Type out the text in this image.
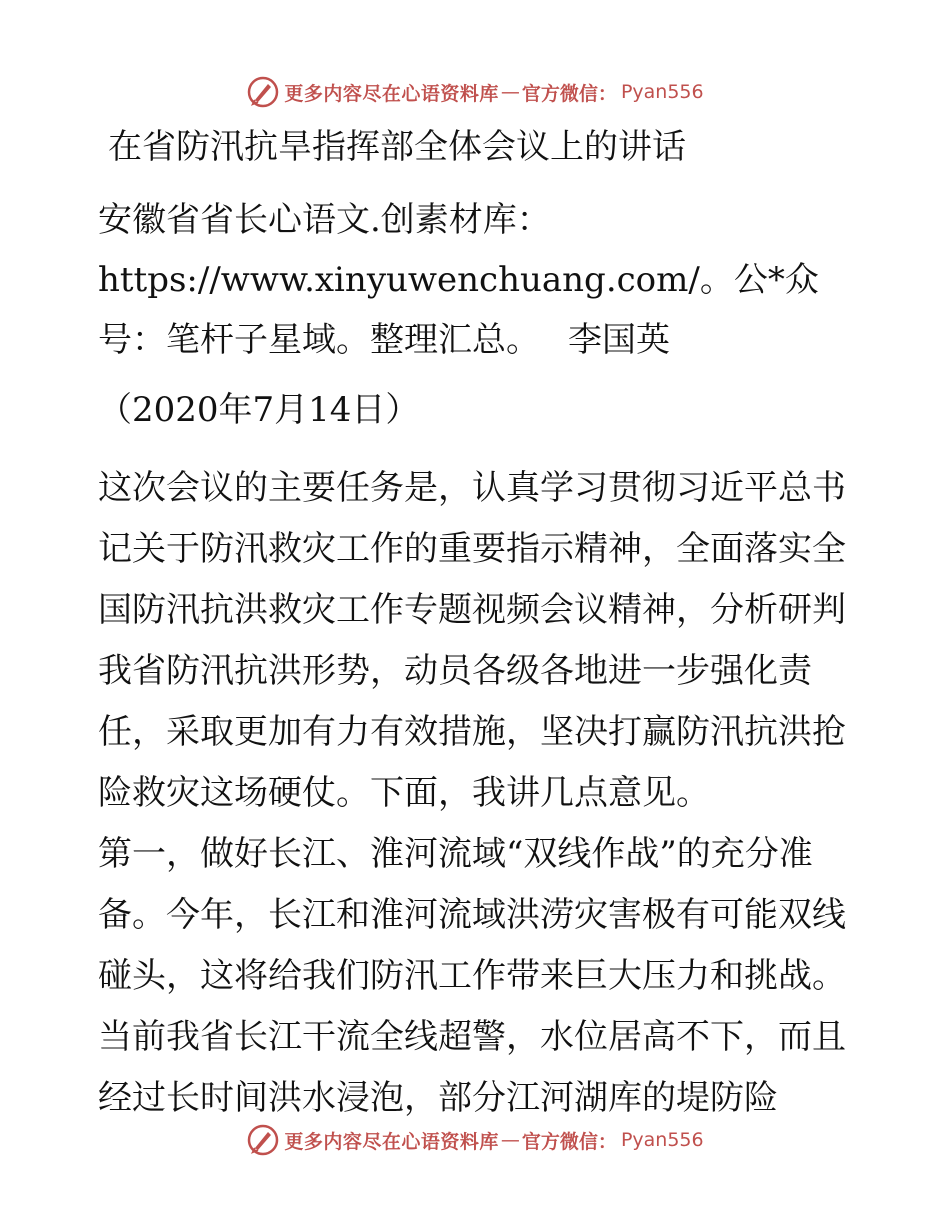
更多内容尽在心语资料库 — 官方微信： Pyan556
在省防汛抗旱指挥部全体会议上的讲话

安徽省省长心语文.创素材库：https://www.xinyuwenchuang.com/。公*众号：笔杆子星域。整理汇总。 李国英

（2020年7月14日）

这次会议的主要任务是，认真学习贯彻习近平总书记关于防汛救灾工作的重要指示精神，全面落实全国防汛抗洪救灾工作专题视频会议精神，分析研判我省防汛抗洪形势，动员各级各地进一步强化责任，采取更加有力有效措施，坚决打赢防汛抗洪抢险救灾这场硬仗。下面，我讲几点意见。

第一，做好长江、淮河流域“双线作战”的充分准备。今年，长江和淮河流域洪涝灾害极有可能双线碰头，这将给我们防汛工作带来巨大压力和挑战。当前我省长江干流全线超警，水位居高不下，而且经过长时间洪水浸泡，部分江河湖库的堤防险

更多内容尽在心语资料库 — 官方微信： Pyan556
